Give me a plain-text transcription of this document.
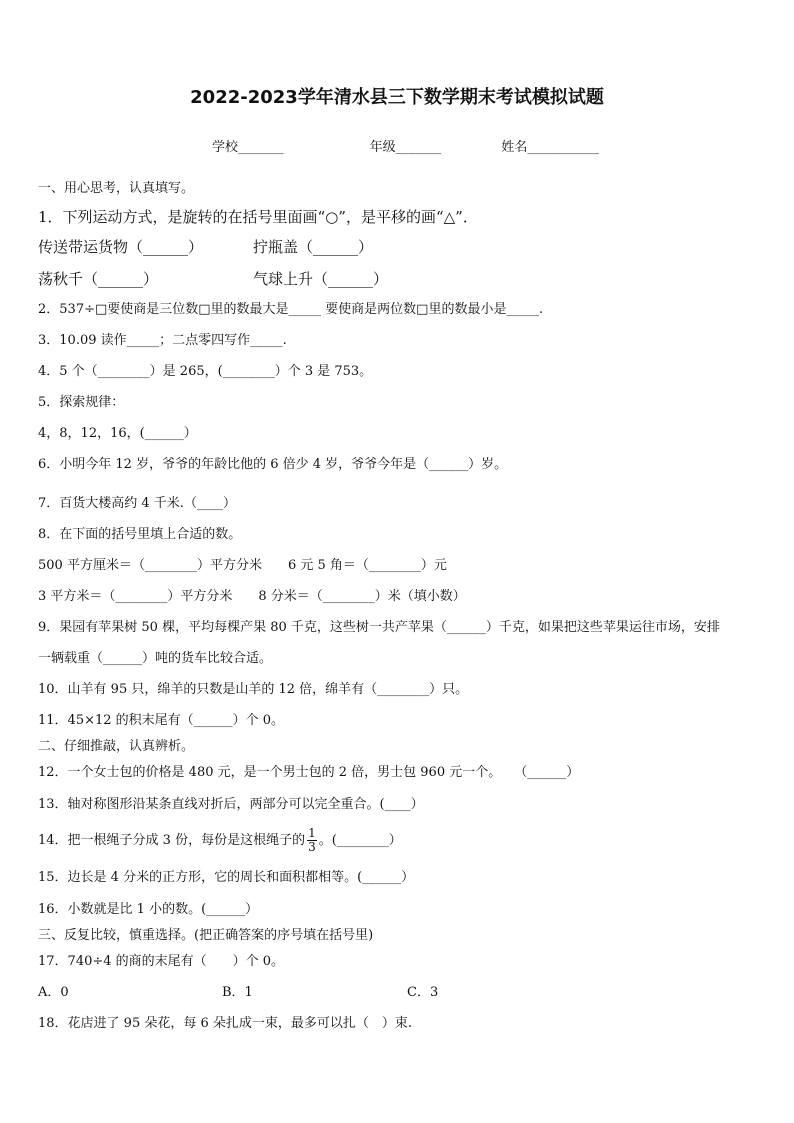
2022-2023学年清水县三下数学期末考试模拟试题
学校_______	年级_______	姓名___________
一、用心思考，认真填写。
1．下列运动方式，是旋转的在括号里面画“○”，是平移的画“△”．
传送带运货物（______）	拧瓶盖（______）
荡秋千（______）	气球上升（______）
2．537÷□要使商是三位数□里的数最大是_____ 要使商是两位数□里的数最小是_____.
3．10.09 读作_____；二点零四写作_____.
4．5 个（________）是 265，(________）个 3 是 753。
5．探索规律：
4，8，12，16，(______）
6．小明今年 12 岁，爷爷的年龄比他的 6 倍少 4 岁，爷爷今年是（______）岁。
7．百货大楼高约 4 千米.（____）
8．在下面的括号里填上合适的数。
500 平方厘米＝（________）平方分米　　6 元 5 角＝（________）元
3 平方米＝（________）平方分米　　8 分米＝（________）米（填小数）
9．果园有苹果树 50 棵，平均每棵产果 80 千克，这些树一共产苹果（______）千克，如果把这些苹果运往市场，安排
一辆载重（______）吨的货车比较合适。
10．山羊有 95 只，绵羊的只数是山羊的 12 倍，绵羊有（________）只。
11．45×12 的积末尾有（______）个 0。
二、仔细推敲，认真辨析。
12．一个女士包的价格是 480 元，是一个男士包的 2 倍，男士包 960 元一个。　　（______）
13．轴对称图形沿某条直线对折后，两部分可以完全重合。(____）
14．把一根绳子分成 3 份，每份是这根绳子的 $\frac{1}{3}$ 。(________）
15．边长是 4 分米的正方形，它的周长和面积都相等。(______）
16．小数就是比 1 小的数。(______）
三、反复比较，慎重选择。(把正确答案的序号填在括号里)
17．740÷4 的商的末尾有（　　）个 0。
A．0	B．1	C．3
18．花店进了 95 朵花，每 6 朵扎成一束，最多可以扎（　）束.
